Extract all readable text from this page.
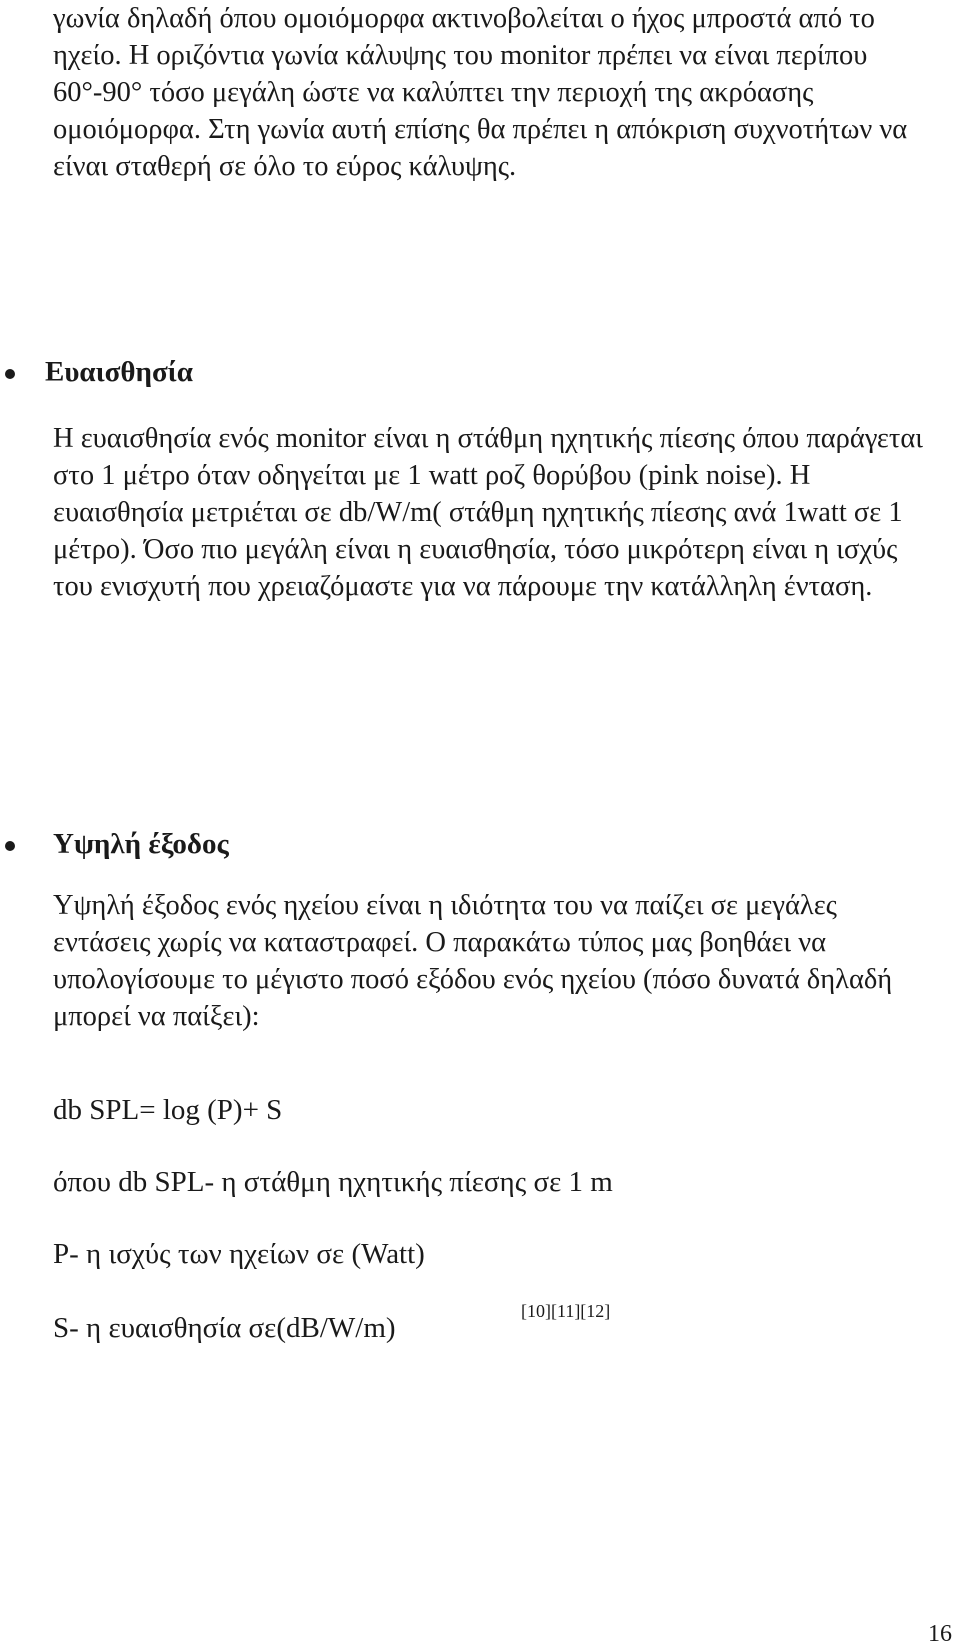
γωνία δηλαδή όπου ομοιόμορφα ακτινοβολείται ο ήχος μπροστά από το ηχείο. Η οριζόντια γωνία κάλυψης του monitor πρέπει να είναι περίπου 60°-90° τόσο μεγάλη ώστε να καλύπτει την περιοχή της ακρόασης ομοιόμορφα. Στη γωνία αυτή επίσης θα πρέπει η απόκριση συχνοτήτων να είναι σταθερή σε όλο το εύρος κάλυψης.

Ευαισθησία

Η ευαισθησία ενός monitor είναι η στάθμη ηχητικής πίεσης όπου παράγεται στο 1 μέτρο όταν οδηγείται με 1 watt ροζ θορύβου (pink noise). Η ευαισθησία μετριέται σε db/W/m( στάθμη ηχητικής πίεσης ανά 1watt σε 1 μέτρο). Όσο πιο μεγάλη είναι η ευαισθησία, τόσο μικρότερη είναι η ισχύς του ενισχυτή που χρειαζόμαστε για να πάρουμε την κατάλληλη ένταση.

Υψηλή έξοδος

Υψηλή έξοδος ενός ηχείου είναι η ιδιότητα του να παίζει σε μεγάλες εντάσεις χωρίς να καταστραφεί. Ο παρακάτω τύπος μας βοηθάει να υπολογίσουμε το μέγιστο ποσό εξόδου ενός ηχείου (πόσο δυνατά δηλαδή μπορεί να παίξει):

db SPL= log (P)+ S

όπου db SPL- η στάθμη ηχητικής πίεσης σε 1 m

P- η ισχύς των ηχείων σε (Watt)

S- η ευαισθησία σε(dB/W/m)

[10][11][12]
16
